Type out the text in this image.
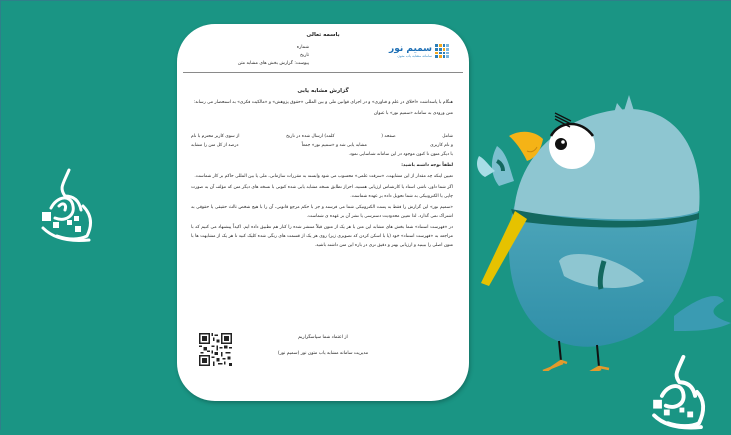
باسمه تعالی
شماره
تاریخ
پیوست: گزارش بخش های مشابه متن
سمیم نور
سامانه مشابه یاب متون
گزارش مشابه یابی

هنگام با پاسداشت «اخلاق در علم و فناوری» و در اجرای قوانین ملی و بین المللی «حقوق پژوهش» و «مالکیت فکری» به استحضار می رساند:

متن ورودی به سامانه «سمیم نور» با عنوان

شامل
صفحه (
کلمه) ارسال شده در تاریخ
از سوی کاربر محترم با نام
و نام کاربری
مشابه یابی شد و «سمیم نور» جمعاً
درصد از کل متن را مشابه

با دیگر متون تا کنون موجود در این سامانه شناسایی نمود.

لطفاً توجه داشته باشید:

تعیین اینکه چه مقدار از این مشابهت، «سرقت علمی» محسوب می شود وابسته به مقررات سازمانی، ملی یا بین المللی حاکم بر کار شماست.

اگر شما داور، ناشر، استاد یا کارشناس ارزیابی هستید، احراز تطابق نسخه مشابه یابی شده کنونی با نسخه های دیگر متن که مؤلف آن به صورت چاپی یا الکترونیکی به شما تحویل داده بر عهده شماست.

«سمیم نور» این گزارش را فقط به پست الکترونیکی شما می فرستد و جز با حکم مرجع قانونی، آن را با هیچ شخص ثالث حقیقی یا حقوقی به اشتراک نمی گذارد. لذا تعیین محدودیت دسترسی یا نشر آن بر عهده ی شماست.

در «فهرست استناد» شما بخش های مشابه این متن با هر یک از متون قبلاً منتشر شده را کنار هم تطبیق داده ایم. اکیداً پیشنهاد می کنیم که با مراجعه به «فهرست استناد» خود (یا با اسکن کردن کد تصویری زیر) روی هر یک از قسمت های رنگی شده کلیک کنید تا هر یک از مشابهت ها با متون اصلی را ببینید و ارزیابی بهتر و دقیق تری در باره این متن داشته باشید.

از اعتماد شما سپاسگزاریم
مدیریت سامانه مشابه یاب متون نور (سمیم نور)
